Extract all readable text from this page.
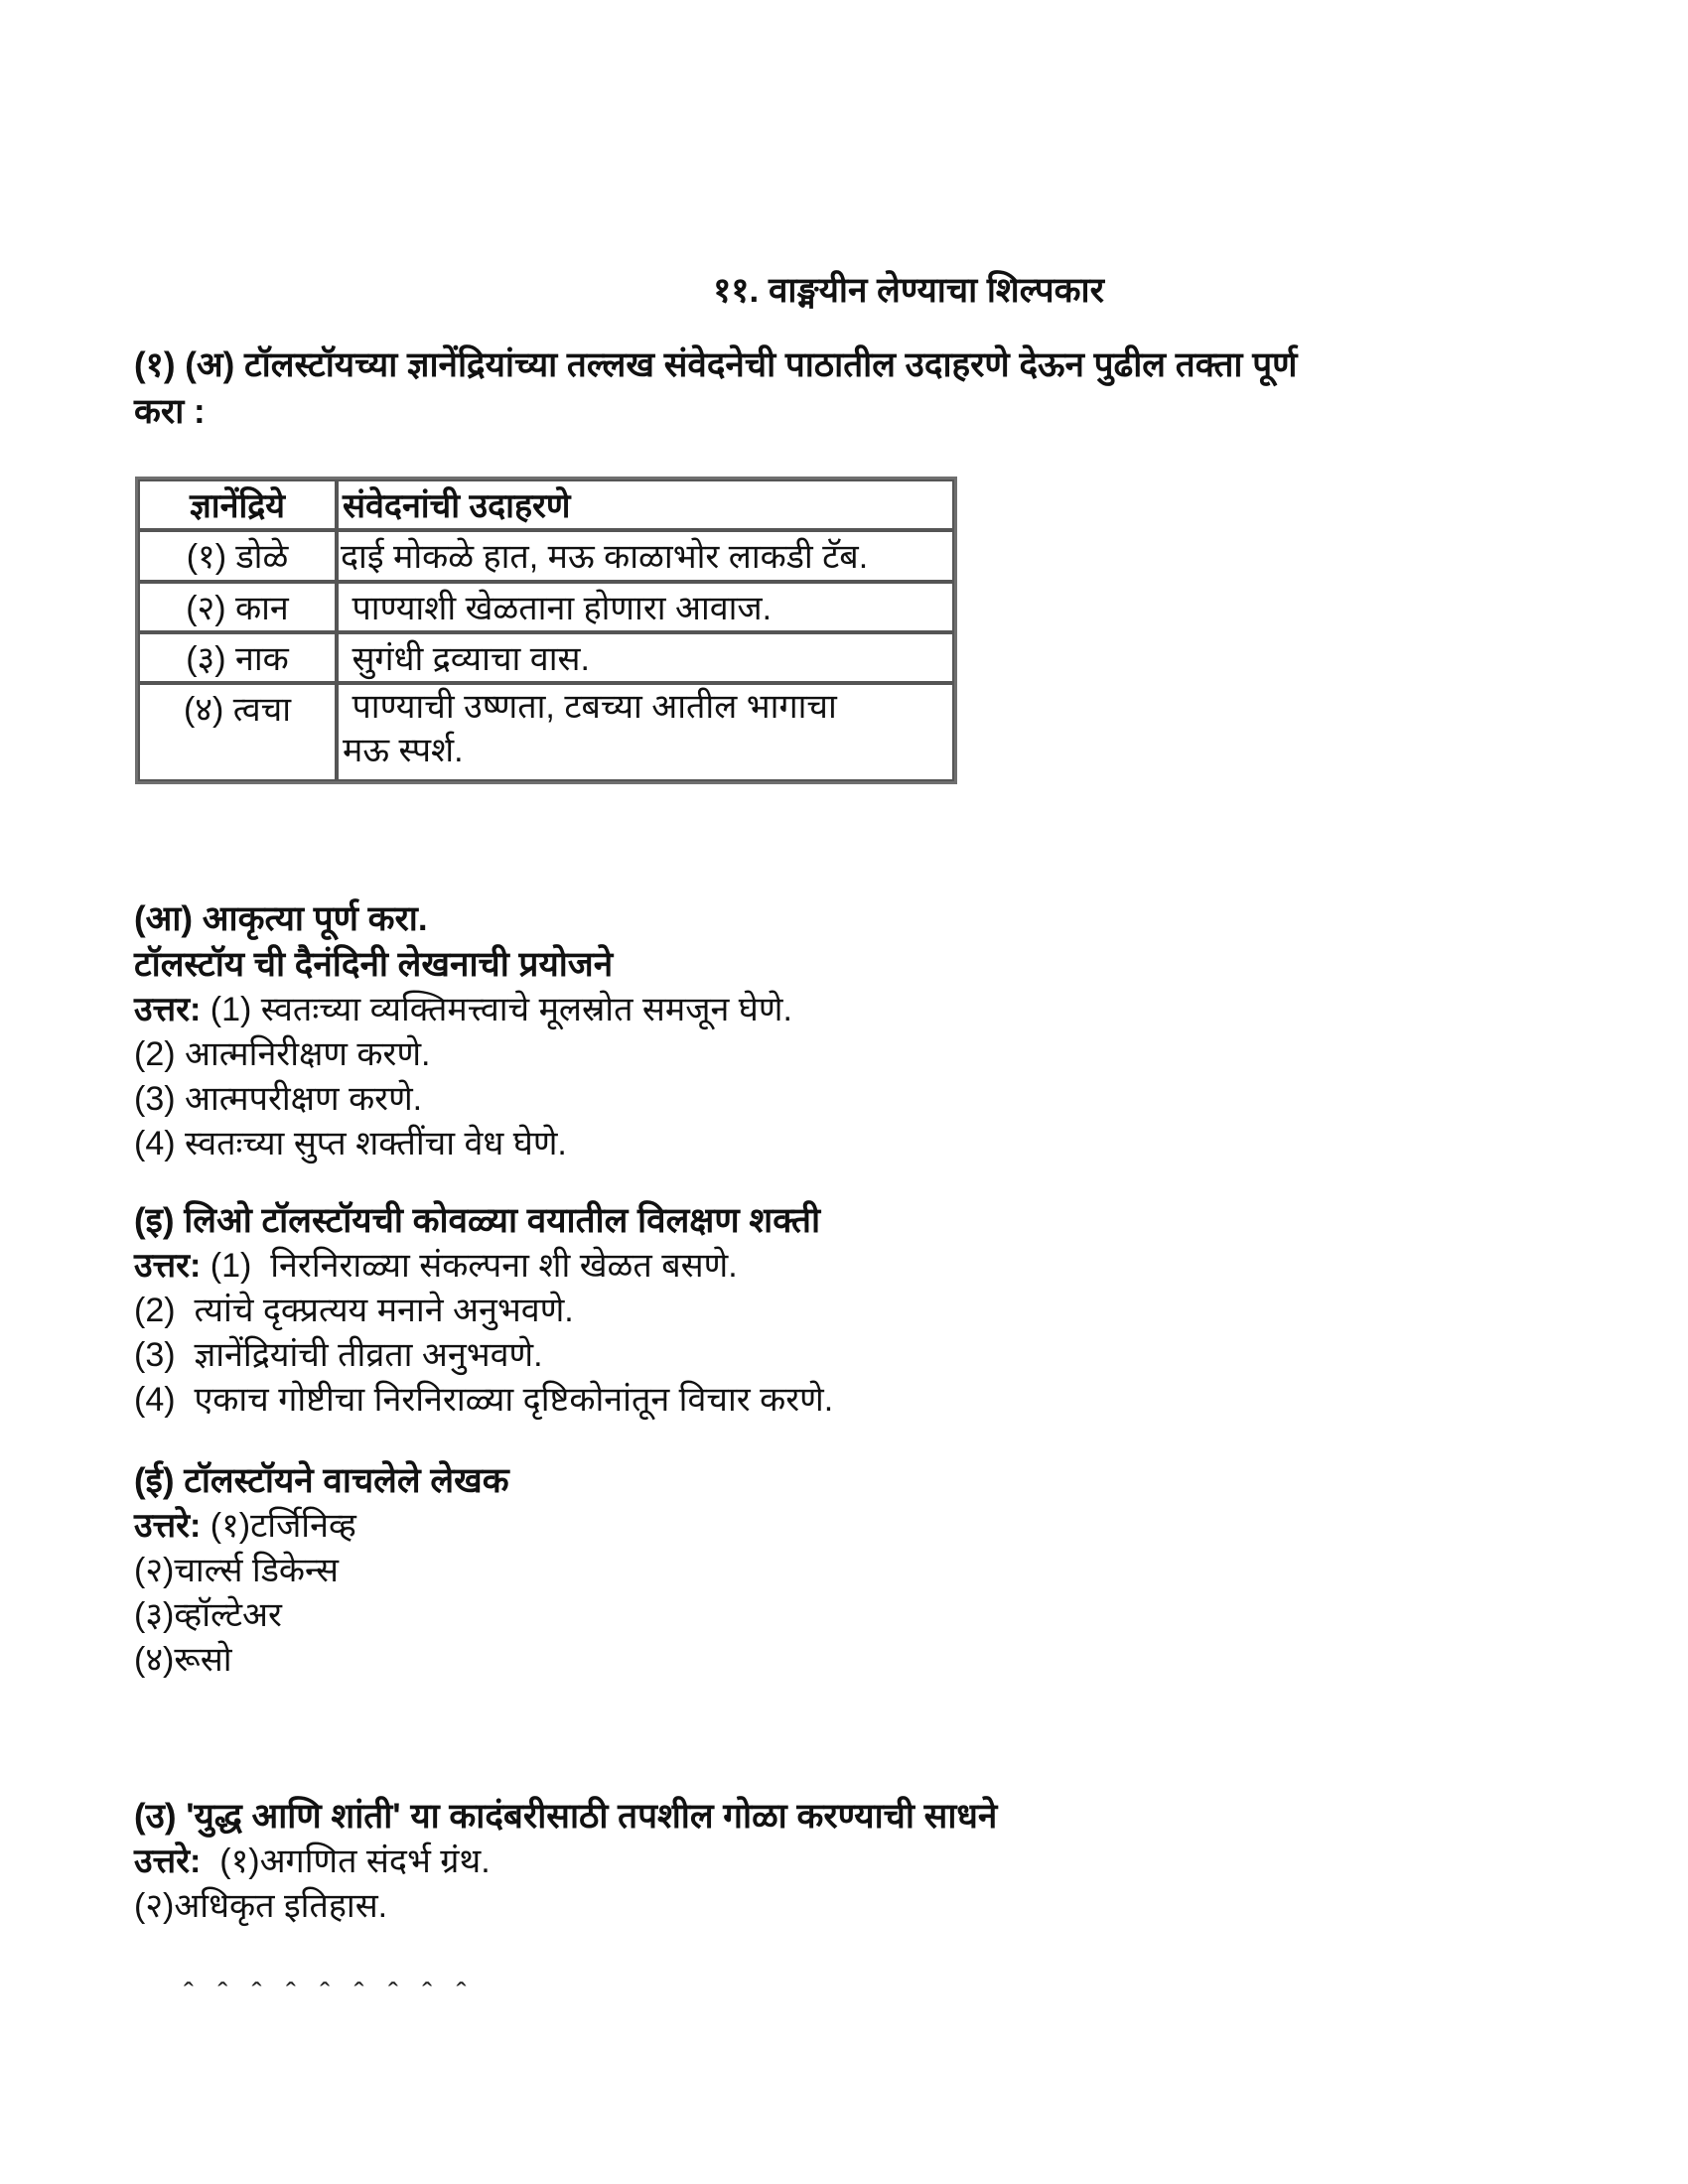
११. वाङ्मयीन लेण्याचा शिल्पकार
(१) (अ) टॉलस्टॉयच्या ज्ञानेंद्रियांच्या तल्लख संवेदनेची पाठातील उदाहरणे देऊन पुढील तक्ता पूर्ण
करा :
ज्ञानेंद्रिये	संवेदनांची उदाहरणे
(१) डोळे	दाई मोकळे हात, मऊ काळाभोर लाकडी टॅब.
(२) कान	पाण्याशी खेळताना होणारा आवाज.
(३) नाक	सुगंधी द्रव्याचा वास.
(४) त्वचा	पाण्याची उष्णता, टबच्या आतील भागाचा
मऊ स्पर्श.
(आ) आकृत्या पूर्ण करा.
टॉलस्टॉय ची दैनंदिनी लेखनाची प्रयोजने
उत्तर: (1) स्वतःच्या व्यक्तिमत्त्वाचे मूलस्रोत समजून घेणे.
(2) आत्मनिरीक्षण करणे.
(3) आत्मपरीक्षण करणे.
(4) स्वतःच्या सुप्त शक्तींचा वेध घेणे.
(इ) लिओ टॉलस्टॉयची कोवळ्या वयातील विलक्षण शक्ती
उत्तर: (1)  निरनिराळ्या संकल्पना शी खेळत बसणे.
(2)  त्यांचे दृक्प्रत्यय मनाने अनुभवणे.
(3)  ज्ञानेंद्रियांची तीव्रता अनुभवणे.
(4)  एकाच गोष्टीचा निरनिराळ्या दृष्टिकोनांतून विचार करणे.
(ई) टॉलस्टॉयने वाचलेले लेखक
उत्तरे: (१)टर्जिनिव्ह
(२)चार्ल्स डिकेन्स
(३)व्हॉल्टेअर
(४)रूसो
(उ) 'युद्ध आणि शांती' या कादंबरीसाठी तपशील गोळा करण्याची साधने
उत्तरे:  (१)अगणित संदर्भ ग्रंथ.
(२)अधिकृत इतिहास.
ˆ ˆ ˆ ˆ ˆ ˆ ˆ ˆ ˆ
